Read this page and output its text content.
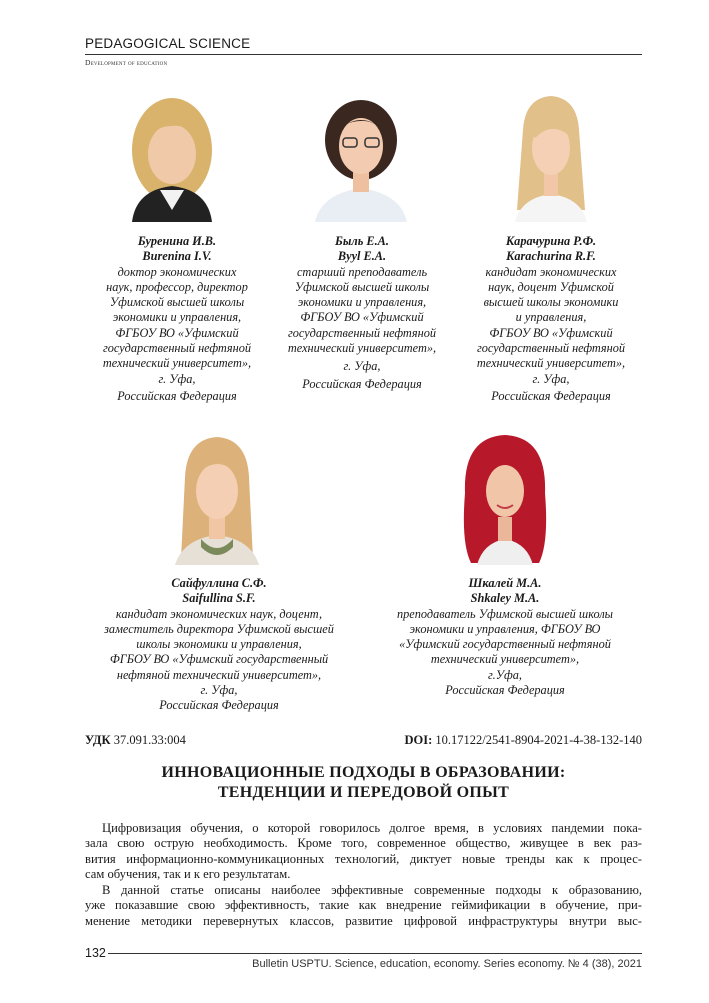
PEDAGOGICAL SCIENCE
Development of education
Буренина И.В.
Burenina I.V.
доктор экономических
наук, профессор, директор
Уфимской высшей школы
экономики и управления,
ФГБОУ ВО «Уфимский
государственный нефтяной
технический университет»,
г. Уфа,
Российская Федерация
Быль Е.А.
Byyl E.A.
старший преподаватель
Уфимской высшей школы
экономики и управления,
ФГБОУ ВО «Уфимский
государственный нефтяной
технический университет»,
г. Уфа,
Российская Федерация
Карачурина Р.Ф.
Karachurina R.F.
кандидат экономических
наук, доцент Уфимской
высшей школы экономики
и управления,
ФГБОУ ВО «Уфимский
государственный нефтяной
технический университет»,
г. Уфа,
Российская Федерация
Сайфуллина С.Ф.
Saifullina S.F.
кандидат экономических наук, доцент,
заместитель директора Уфимской высшей
школы экономики и управления,
ФГБОУ ВО «Уфимский государственный
нефтяной технический университет»,
г. Уфа,
Российская Федерация
Шкалей М.А.
Shkaley M.A.
преподаватель Уфимской высшей школы
экономики и управления, ФГБОУ ВО
«Уфимский государственный нефтяной
технический университет»,
г.Уфа,
Российская Федерация
УДК 37.091.33:004	DOI: 10.17122/2541-8904-2021-4-38-132-140
ИННОВАЦИОННЫЕ ПОДХОДЫ В ОБРАЗОВАНИИ:
ТЕНДЕНЦИИ И ПЕРЕДОВОЙ ОПЫТ
Цифровизация обучения, о которой говорилось долгое время, в условиях пандемии пока-
зала свою острую необходимость. Кроме того, современное общество, живущее в век раз-
вития информационно-коммуникационных технологий, диктует новые тренды как к процес-
сам обучения, так и к его результатам.
В данной статье описаны наиболее эффективные современные подходы к образованию,
уже показавшие свою эффективность, такие как внедрение геймификации в обучение, при-
менение методики перевернутых классов, развитие цифровой инфраструктуры внутри выс-
132
Bulletin USPTU. Science, education, economy. Series economy. № 4 (38), 2021
